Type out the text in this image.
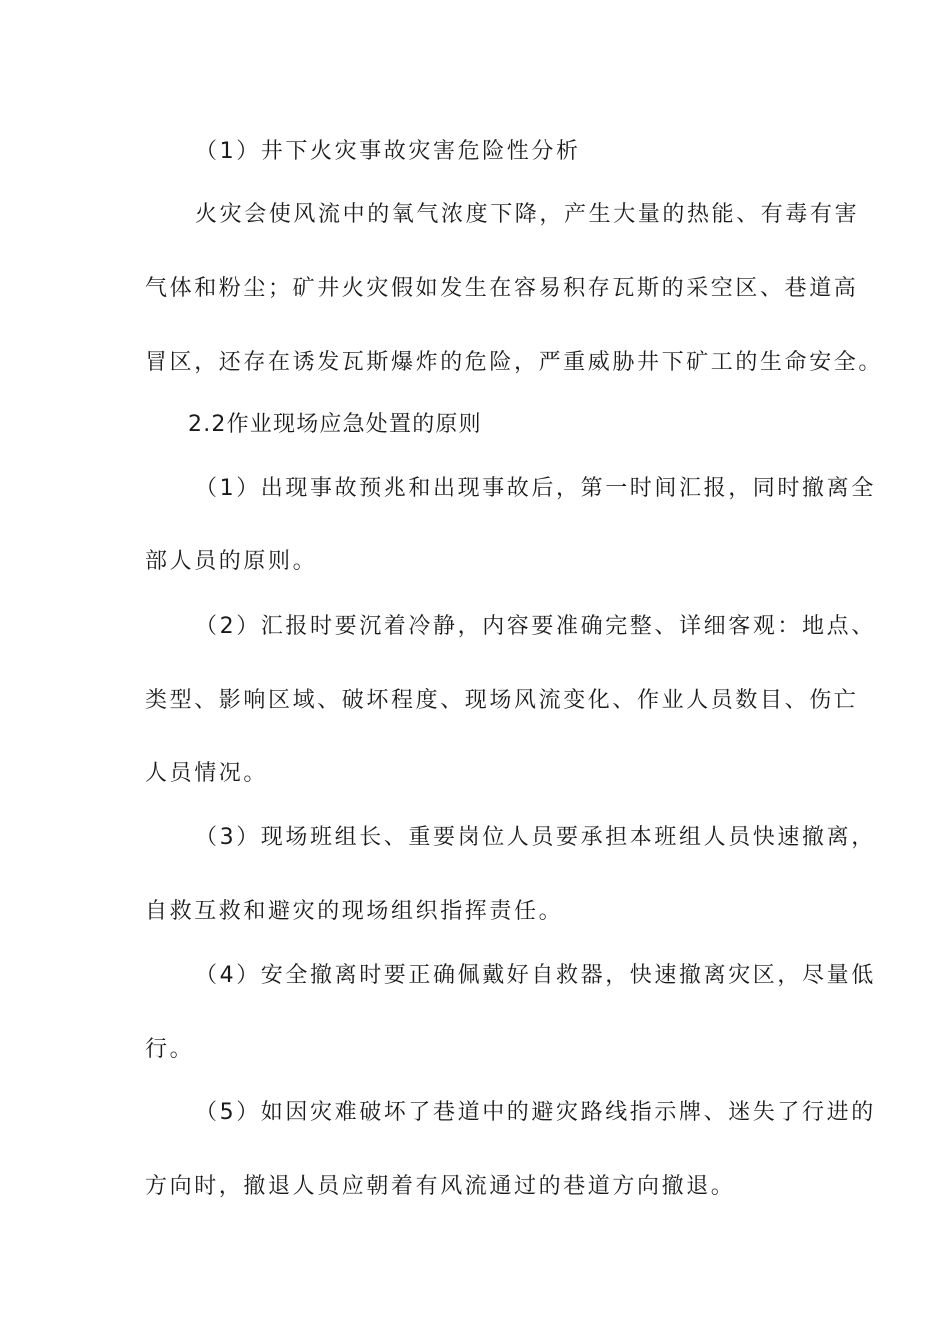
（1）井下火灾事故灾害危险性分析
火灾会使风流中的氧气浓度下降，产生大量的热能、有毒有害
气体和粉尘；矿井火灾假如发生在容易积存瓦斯的采空区、巷道高
冒区，还存在诱发瓦斯爆炸的危险，严重威胁井下矿工的生命安全。
2.2作业现场应急处置的原则
（1）出现事故预兆和出现事故后，第一时间汇报，同时撤离全
部人员的原则。
（2）汇报时要沉着冷静，内容要准确完整、详细客观：地点、
类型、影响区域、破坏程度、现场风流变化、作业人员数目、伤亡
人员情况。
（3）现场班组长、重要岗位人员要承担本班组人员快速撤离，
自救互救和避灾的现场组织指挥责任。
（4）安全撤离时要正确佩戴好自救器，快速撤离灾区，尽量低
行。
（5）如因灾难破坏了巷道中的避灾路线指示牌、迷失了行进的
方向时，撤退人员应朝着有风流通过的巷道方向撤退。
